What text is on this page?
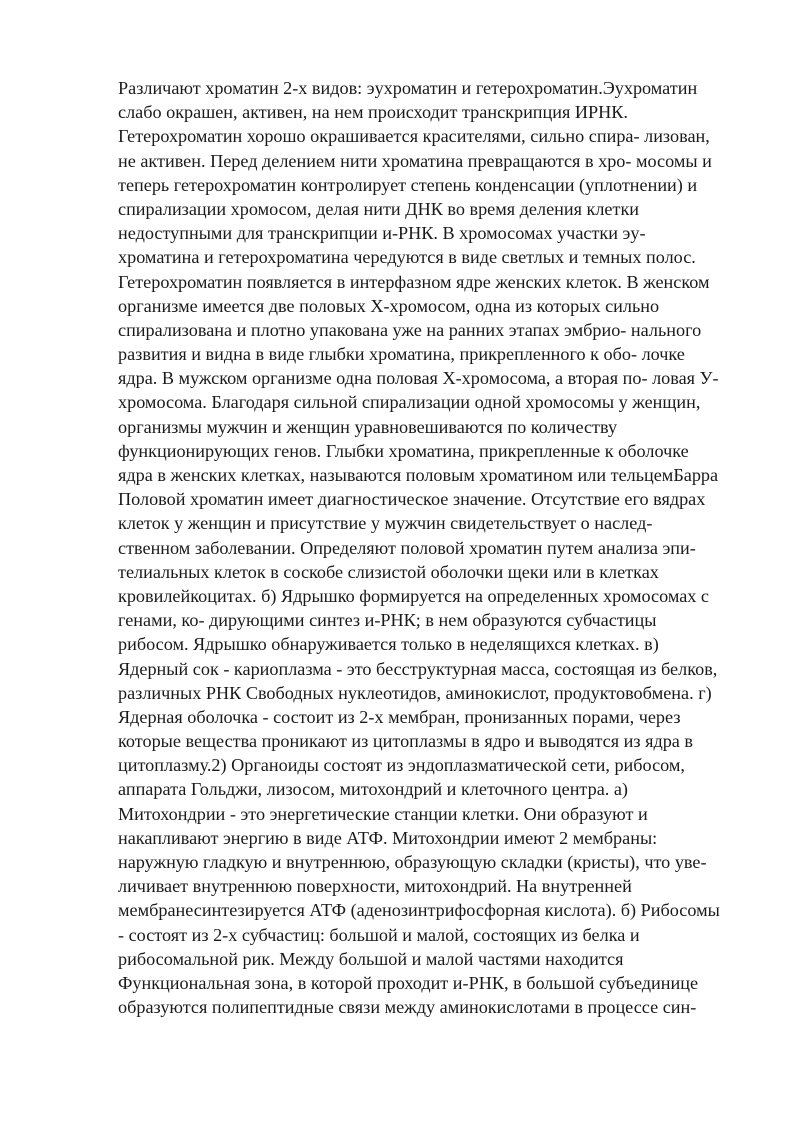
Различают хроматин 2-х видов: эухроматин и гетерохроматин.Эухроматин
слабо окрашен, активен, на нем происходит транскрипция ИРНК.
Гетерохроматин хорошо окрашивается красителями, сильно спира- лизован,
не активен. Перед делением нити хроматина превращаются в хро- мосомы и
теперь гетерохроматин контролирует степень конденсации (уплотнении) и
спирализации хромосом, делая нити ДНК во время деления клетки
недоступными для транскрипции и-РНК. В хромосомах участки эу-
хроматина и гетерохроматина чередуются в виде светлых и темных полос.
Гетерохроматин появляется в интерфазном ядре женских клеток. В женском
организме имеется две половых Х-хромосом, одна из которых сильно
спирализована и плотно упакована уже на ранних этапах эмбрио- нального
развития и видна в виде глыбки хроматина, прикрепленного к обо- лочке
ядра. В мужском организме одна половая Х-хромосома, а вторая по- ловая У-
хромосома. Благодаря сильной спирализации одной хромосомы у женщин,
организмы мужчин и женщин уравновешиваются по количеству
функционирующих генов. Глыбки хроматина, прикрепленные к оболочке
ядра в женских клетках, называются половым хроматином или тельцемБарра
Половой хроматин имеет диагностическое значение. Отсутствие его вядрах
клеток у женщин и присутствие у мужчин свидетельствует о наслед-
ственном заболевании. Определяют половой хроматин путем анализа эпи-
телиальных клеток в соскобе слизистой оболочки щеки или в клетках
кровилейкоцитах. б) Ядрышко формируется на определенных хромосомах с
генами, ко- дирующими синтез и-РНК; в нем образуются субчастицы
рибосом. Ядрышко обнаруживается только в неделящихся клетках. в)
Ядерный сок - кариоплазма - это бесструктурная масса, состоящая из белков,
различных РНК Свободных нуклеотидов, аминокислот, продуктовобмена. г)
Ядерная оболочка - состоит из 2-х мембран, пронизанных порами, через
которые вещества проникают из цитоплазмы в ядро и выводятся из ядра в
цитоплазму.2) Органоиды состоят из эндоплазматической сети, рибосом,
аппарата Гольджи, лизосом, митохондрий и клеточного центра. а)
Митохондрии - это энергетические станции клетки. Они образуют и
накапливают энергию в виде АТФ. Митохондрии имеют 2 мембраны:
наружную гладкую и внутреннюю, образующую складки (кристы), что уве-
личивает внутреннюю поверхности, митохондрий. На внутренней
мембранесинтезируется АТФ (аденозинтрифосфорная кислота). б) Рибосомы
- состоят из 2-х субчастиц: большой и малой, состоящих из белка и
рибосомальной рик. Между большой и малой частями находится
Функциональная зона, в которой проходит и-РНК, в большой субъединице
образуются полипептидные связи между аминокислотами в процессе син-
